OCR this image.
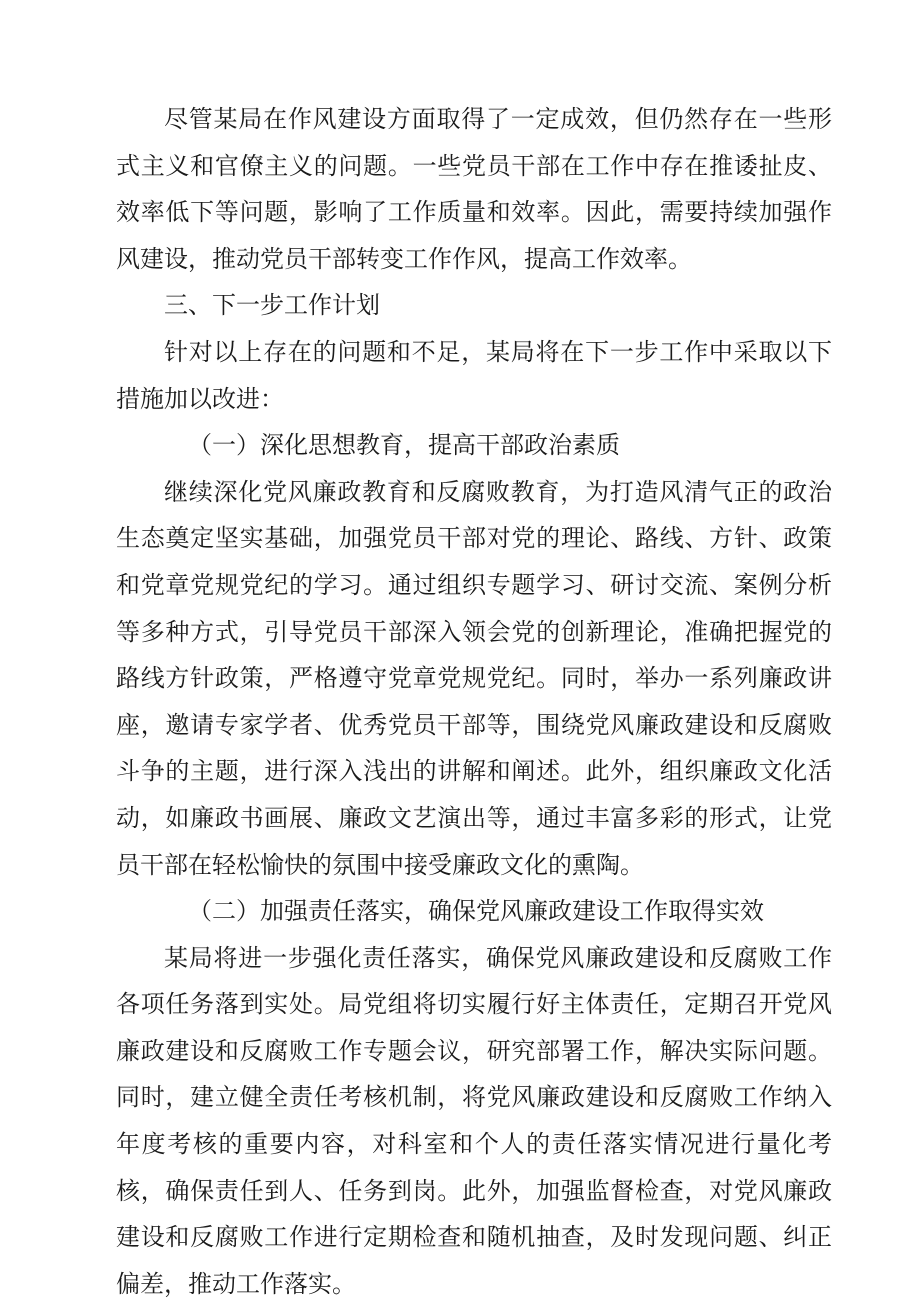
尽管某局在作风建设方面取得了一定成效，但仍然存在一些形式主义和官僚主义的问题。一些党员干部在工作中存在推诿扯皮、效率低下等问题，影响了工作质量和效率。因此，需要持续加强作风建设，推动党员干部转变工作作风，提高工作效率。

三、下一步工作计划

针对以上存在的问题和不足，某局将在下一步工作中采取以下措施加以改进：

（一）深化思想教育，提高干部政治素质

继续深化党风廉政教育和反腐败教育，为打造风清气正的政治生态奠定坚实基础，加强党员干部对党的理论、路线、方针、政策和党章党规党纪的学习。通过组织专题学习、研讨交流、案例分析等多种方式，引导党员干部深入领会党的创新理论，准确把握党的路线方针政策，严格遵守党章党规党纪。同时，举办一系列廉政讲座，邀请专家学者、优秀党员干部等，围绕党风廉政建设和反腐败斗争的主题，进行深入浅出的讲解和阐述。此外，组织廉政文化活动，如廉政书画展、廉政文艺演出等，通过丰富多彩的形式，让党员干部在轻松愉快的氛围中接受廉政文化的熏陶。

（二）加强责任落实，确保党风廉政建设工作取得实效

某局将进一步强化责任落实，确保党风廉政建设和反腐败工作各项任务落到实处。局党组将切实履行好主体责任，定期召开党风廉政建设和反腐败工作专题会议，研究部署工作，解决实际问题。同时，建立健全责任考核机制，将党风廉政建设和反腐败工作纳入年度考核的重要内容，对科室和个人的责任落实情况进行量化考核，确保责任到人、任务到岗。此外，加强监督检查，对党风廉政建设和反腐败工作进行定期检查和随机抽查，及时发现问题、纠正偏差，推动工作落实。
